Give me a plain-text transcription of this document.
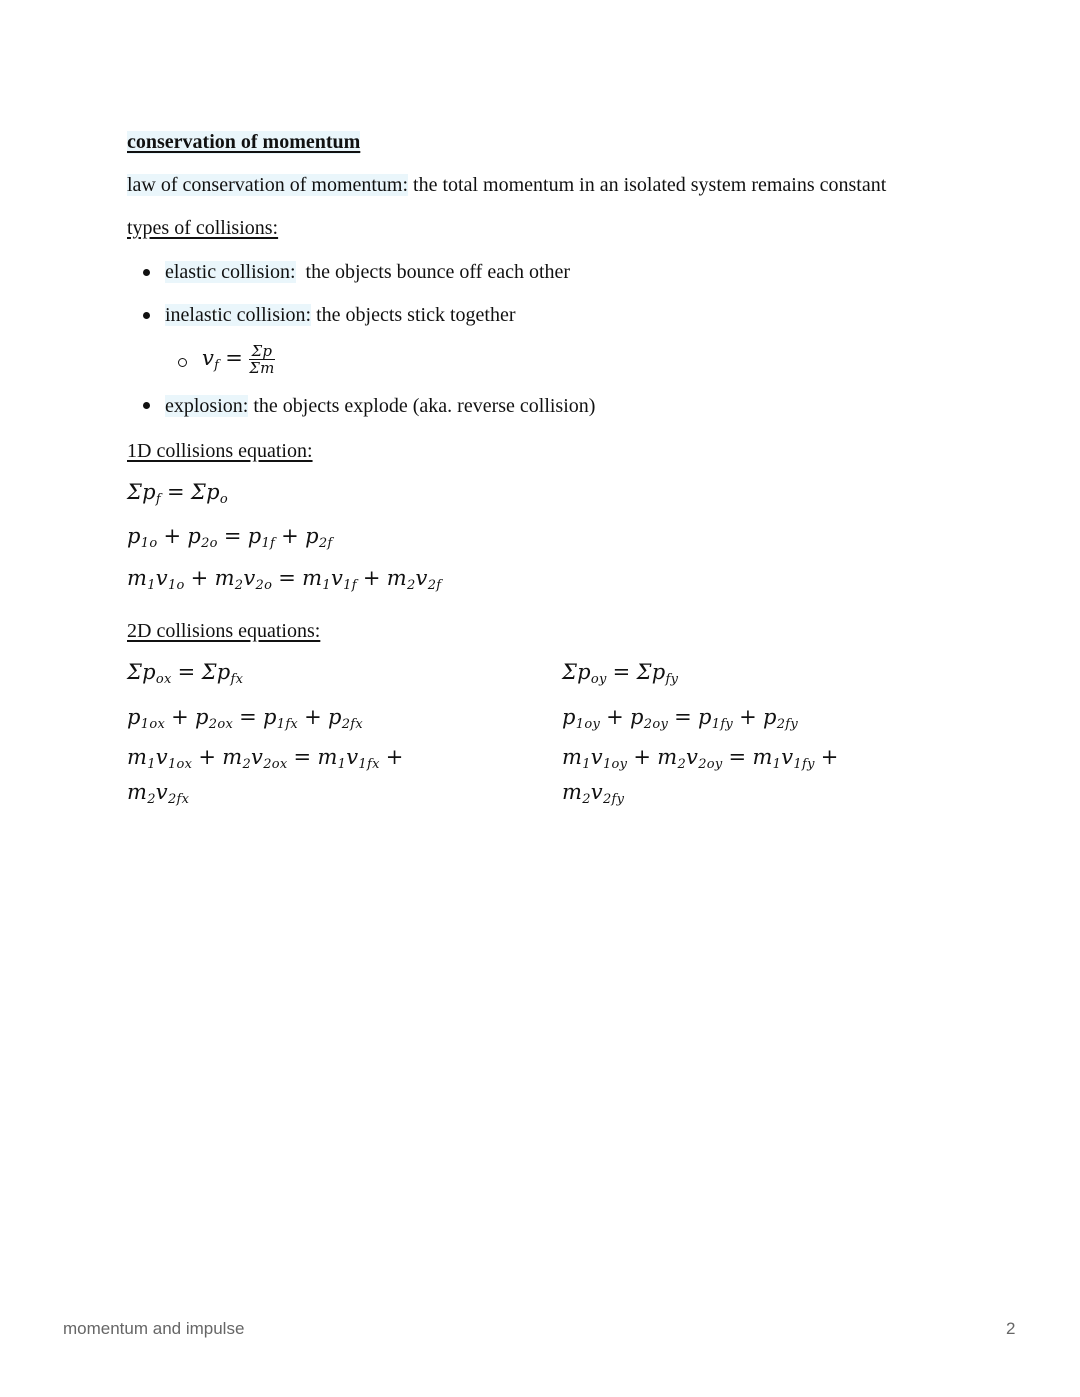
conservation of momentum
law of conservation of momentum: the total momentum in an isolated system remains constant
types of collisions:
elastic collision:  the objects bounce off each other
inelastic collision: the objects stick together
$v_f = \frac{\Sigma p}{\Sigma m}$
explosion: the objects explode (aka. reverse collision)
1D collisions equation:
$\Sigma p_f = \Sigma p_o$
$p_{1o} + p_{2o} = p_{1f} + p_{2f}$
$m_1v_{1o} + m_2v_{2o} = m_1v_{1f} + m_2v_{2f}$
2D collisions equations:
$\Sigma p_{ox} = \Sigma p_{fx}$
$p_{1ox} + p_{2ox} = p_{1fx} + p_{2fx}$
$m_1v_{1ox} + m_2v_{2ox} = m_1v_{1fx}$ +
$m_2v_{2fx}$
$\Sigma p_{oy} = \Sigma p_{fy}$
$p_{1oy} + p_{2oy} = p_{1fy} + p_{2fy}$
$m_1v_{1oy} + m_2v_{2oy} = m_1v_{1fy}$ +
$m_2v_{2fy}$
momentum and impulse	2
